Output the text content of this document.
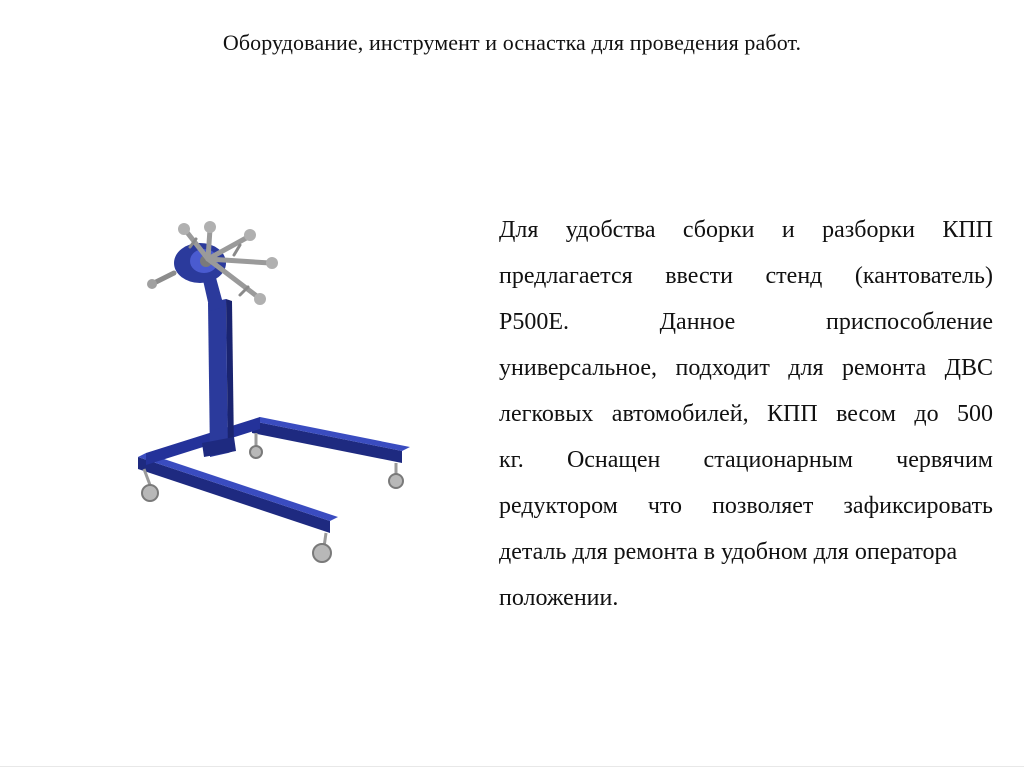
Оборудование, инструмент и оснастка для проведения работ.
Для удобства сборки и разборки КПП
предлагается ввести стенд (кантователь)
Р500Е. Данное приспособление
универсальное, подходит для ремонта ДВС
легковых автомобилей, КПП весом до 500
кг. Оснащен стационарным червячим
редуктором что позволяет зафиксировать
деталь для ремонта в удобном для оператора
положении.
